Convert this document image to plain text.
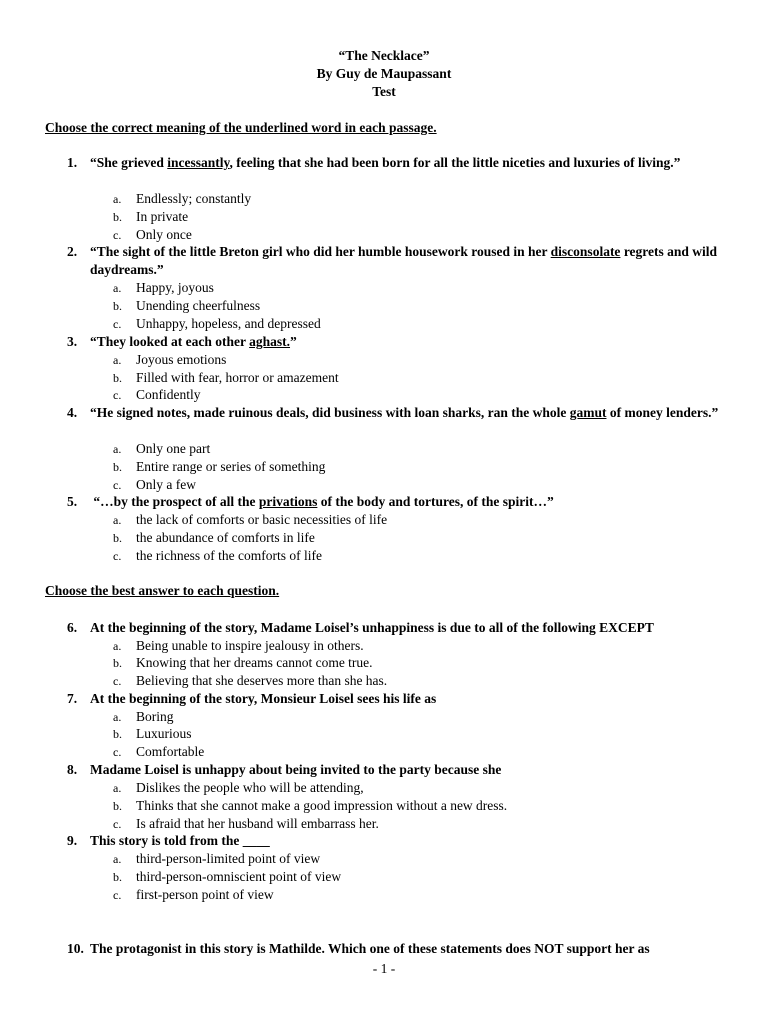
“The Necklace”
By Guy de Maupassant
Test
Choose the correct meaning of the underlined word in each passage.
1. “She grieved incessantly, feeling that she had been born for all the little niceties and luxuries of living.”
a. Endlessly; constantly
b. In private
c. Only once
2. “The sight of the little Breton girl who did her humble housework roused in her disconsolate regrets and wild daydreams.”
a. Happy, joyous
b. Unending cheerfulness
c. Unhappy, hopeless, and depressed
3. “They looked at each other aghast.”
a. Joyous emotions
b. Filled with fear, horror or amazement
c. Confidently
4. “He signed notes, made ruinous deals, did business with loan sharks, ran the whole gamut of money lenders.”
a. Only one part
b. Entire range or series of something
c. Only a few
5. “…by the prospect of all the privations of the body and tortures, of the spirit…”
a. the lack of comforts or basic necessities of life
b. the abundance of comforts in life
c. the richness of the comforts of life
Choose the best answer to each question.
6. At the beginning of the story, Madame Loisel’s unhappiness is due to all of the following EXCEPT
a. Being unable to inspire jealousy in others.
b. Knowing that her dreams cannot come true.
c. Believing that she deserves more than she has.
7. At the beginning of the story, Monsieur Loisel sees his life as
a. Boring
b. Luxurious
c. Comfortable
8. Madame Loisel is unhappy about being invited to the party because she
a. Dislikes the people who will be attending,
b. Thinks that she cannot make a good impression without a new dress.
c. Is afraid that her husband will embarrass her.
9. This story is told from the ____
a. third-person-limited point of view
b. third-person-omniscient point of view
c. first-person point of view
10. The protagonist in this story is Mathilde. Which one of these statements does NOT support her as
- 1 -
